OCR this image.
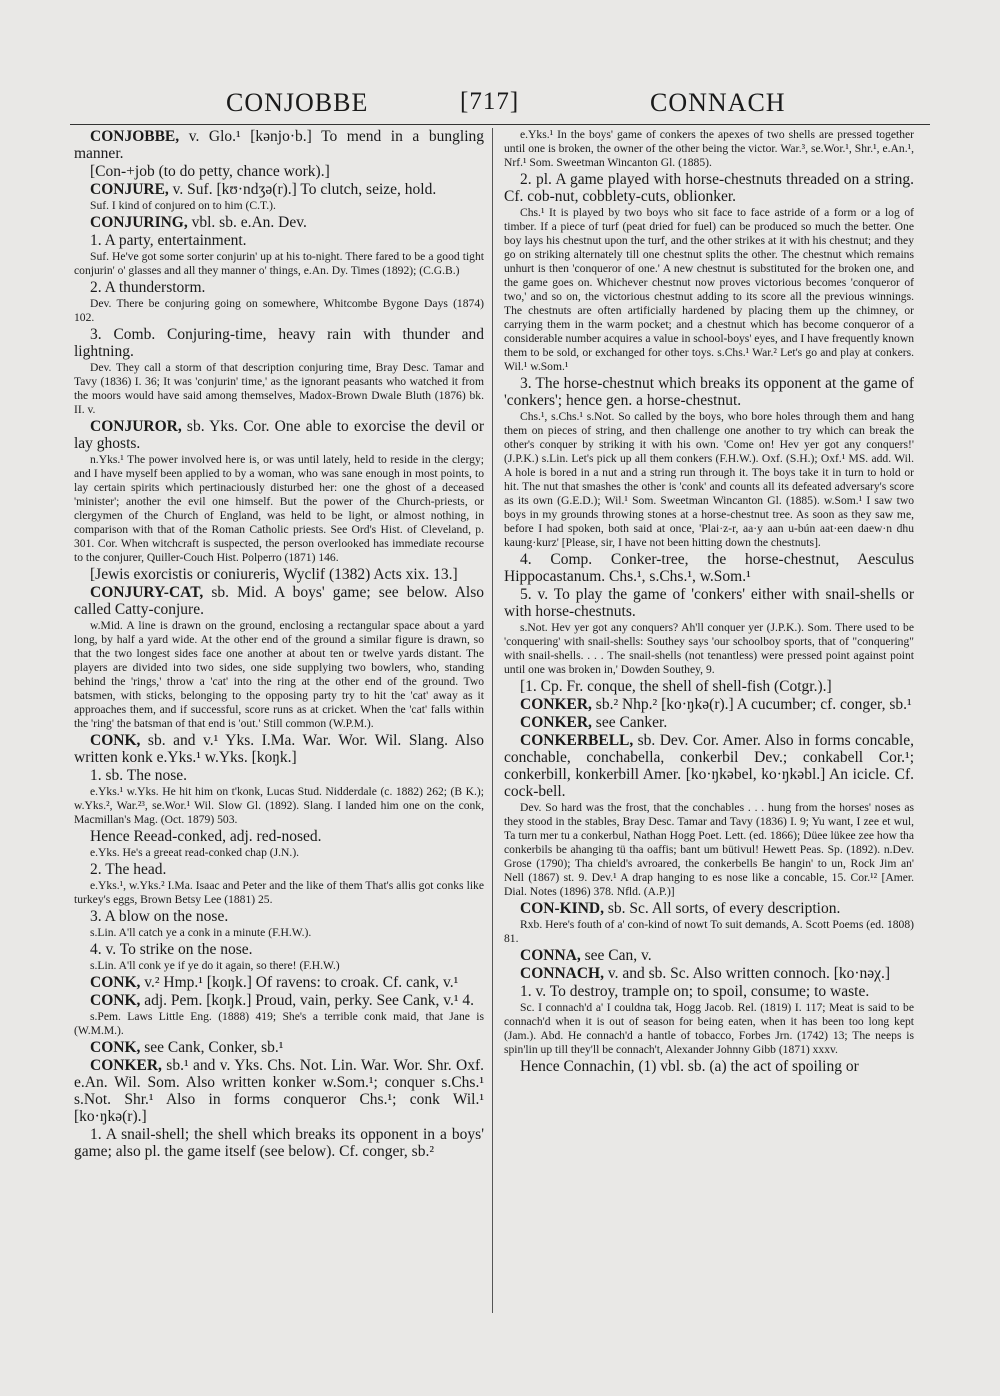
CONJOBBE	[717]	CONNACH

CONJOBBE, v. Glo.¹ [kənjo·b.] To mend in a bungling manner.

[Con-+job (to do petty, chance work).]

CONJURE, v. Suf. [kʊ·ndʒə(r).] To clutch, seize, hold.

Suf. I kind of conjured on to him (C.T.).

CONJURING, vbl. sb. e.An. Dev.

1. A party, entertainment.

Suf. He've got some sorter conjurin' up at his to-night. There fared to be a good tight conjurin' o' glasses and all they manner o' things, e.An. Dy. Times (1892); (C.G.B.)

2. A thunderstorm.

Dev. There be conjuring going on somewhere, Whitcombe Bygone Days (1874) 102.

3. Comb. Conjuring-time, heavy rain with thunder and lightning.

Dev. They call a storm of that description conjuring time, Bray Desc. Tamar and Tavy (1836) I. 36; It was 'conjurin' time,' as the ignorant peasants who watched it from the moors would have said among themselves, Madox-Brown Dwale Bluth (1876) bk. II. v.

CONJUROR, sb. Yks. Cor. One able to exorcise the devil or lay ghosts.

n.Yks.¹ The power involved here is, or was until lately, held to reside in the clergy; and I have myself been applied to by a woman, who was sane enough in most points, to lay certain spirits which pertinaciously disturbed her: one the ghost of a deceased 'minister'; another the evil one himself. But the power of the Church-priests, or clergymen of the Church of England, was held to be light, or almost nothing, in comparison with that of the Roman Catholic priests. See Ord's Hist. of Cleveland, p. 301. Cor. When witchcraft is suspected, the person overlooked has immediate recourse to the conjurer, Quiller-Couch Hist. Polperro (1871) 146.

[Jewis exorcistis or coniureris, Wyclif (1382) Acts xix. 13.]

CONJURY-CAT, sb. Mid. A boys' game; see below. Also called Catty-conjure.

w.Mid. A line is drawn on the ground, enclosing a rectangular space about a yard long, by half a yard wide. At the other end of the ground a similar figure is drawn, so that the two longest sides face one another at about ten or twelve yards distant. The players are divided into two sides, one side supplying two bowlers, who, standing behind the 'rings,' throw a 'cat' into the ring at the other end of the ground. Two batsmen, with sticks, belonging to the opposing party try to hit the 'cat' away as it approaches them, and if successful, score runs as at cricket. When the 'cat' falls within the 'ring' the batsman of that end is 'out.' Still common (W.P.M.).

CONK, sb. and v.¹ Yks. I.Ma. War. Wor. Wil. Slang. Also written konk e.Yks.¹ w.Yks. [koŋk.]

1. sb. The nose.

e.Yks.¹ w.Yks. He hit him on t'konk, Lucas Stud. Nidderdale (c. 1882) 262; (B K.); w.Yks.², War.²³, se.Wor.¹ Wil. Slow Gl. (1892). Slang. I landed him one on the conk, Macmillan's Mag. (Oct. 1879) 503.

Hence Reead-conked, adj. red-nosed.

e.Yks. He's a greeat read-conked chap (J.N.).

2. The head.

e.Yks.¹, w.Yks.² I.Ma. Isaac and Peter and the like of them That's allis got conks like turkey's eggs, Brown Betsy Lee (1881) 25.

3. A blow on the nose.

s.Lin. A'll catch ye a conk in a minute (F.H.W.).

4. v. To strike on the nose.

s.Lin. A'll conk ye if ye do it again, so there! (F.H.W.)

CONK, v.² Hmp.¹ [koŋk.] Of ravens: to croak. Cf. cank, v.¹

CONK, adj. Pem. [koŋk.] Proud, vain, perky. See Cank, v.¹ 4.

s.Pem. Laws Little Eng. (1888) 419; She's a terrible conk maid, that Jane is (W.M.M.).

CONK, see Cank, Conker, sb.¹

CONKER, sb.¹ and v. Yks. Chs. Not. Lin. War. Wor. Shr. Oxf. e.An. Wil. Som. Also written konker w.Som.¹; conquer s.Chs.¹ s.Not. Shr.¹ Also in forms conqueror Chs.¹; conk Wil.¹ [ko·ŋkə(r).]

1. A snail-shell; the shell which breaks its opponent in a boys' game; also pl. the game itself (see below). Cf. conger, sb.²

e.Yks.¹ In the boys' game of conkers the apexes of two shells are pressed together until one is broken, the owner of the other being the victor. War.³, se.Wor.¹, Shr.¹, e.An.¹, Nrf.¹ Som. Sweetman Wincanton Gl. (1885).

2. pl. A game played with horse-chestnuts threaded on a string. Cf. cob-nut, cobblety-cuts, oblionker.

Chs.¹ It is played by two boys who sit face to face astride of a form or a log of timber. If a piece of turf (peat dried for fuel) can be produced so much the better. One boy lays his chestnut upon the turf, and the other strikes at it with his chestnut; and they go on striking alternately till one chestnut splits the other. The chestnut which remains unhurt is then 'conqueror of one.' A new chestnut is substituted for the broken one, and the game goes on. Whichever chestnut now proves victorious becomes 'conqueror of two,' and so on, the victorious chestnut adding to its score all the previous winnings. The chestnuts are often artificially hardened by placing them up the chimney, or carrying them in the warm pocket; and a chestnut which has become conqueror of a considerable number acquires a value in school-boys' eyes, and I have frequently known them to be sold, or exchanged for other toys. s.Chs.¹ War.² Let's go and play at conkers. Wil.¹ w.Som.¹

3. The horse-chestnut which breaks its opponent at the game of 'conkers'; hence gen. a horse-chestnut.

Chs.¹, s.Chs.¹ s.Not. So called by the boys, who bore holes through them and hang them on pieces of string, and then challenge one another to try which can break the other's conquer by striking it with his own. 'Come on! Hev yer got any conquers!' (J.P.K.) s.Lin. Let's pick up all them conkers (F.H.W.). Oxf. (S.H.); Oxf.¹ MS. add. Wil. A hole is bored in a nut and a string run through it. The boys take it in turn to hold or hit. The nut that smashes the other is 'conk' and counts all its defeated adversary's score as its own (G.E.D.); Wil.¹ Som. Sweetman Wincanton Gl. (1885). w.Som.¹ I saw two boys in my grounds throwing stones at a horse-chestnut tree. As soon as they saw me, before I had spoken, both said at once, 'Plai·z-r, aa·y aan u-bún aat·een daew·n dhu kaung·kurz' [Please, sir, I have not been hitting down the chestnuts].

4. Comp. Conker-tree, the horse-chestnut, Aesculus Hippocastanum. Chs.¹, s.Chs.¹, w.Som.¹

5. v. To play the game of 'conkers' either with snail-shells or with horse-chestnuts.

s.Not. Hev yer got any conquers? Ah'll conquer yer (J.P.K.). Som. There used to be 'conquering' with snail-shells: Southey says 'our schoolboy sports, that of "conquering" with snail-shells. . . . The snail-shells (not tenantless) were pressed point against point until one was broken in,' Dowden Southey, 9.

[1. Cp. Fr. conque, the shell of shell-fish (Cotgr.).]

CONKER, sb.² Nhp.² [ko·ŋkə(r).] A cucumber; cf. conger, sb.¹

CONKER, see Canker.

CONKERBELL, sb. Dev. Cor. Amer. Also in forms concable, conchable, conchabella, conkerbil Dev.; conkabell Cor.¹; conkerbill, konkerbill Amer. [ko·ŋkəbel, ko·ŋkəbl.] An icicle. Cf. cock-bell.

Dev. So hard was the frost, that the conchables . . . hung from the horses' noses as they stood in the stables, Bray Desc. Tamar and Tavy (1836) I. 9; Yu want, I zee et wul, Ta turn mer tu a conkerbul, Nathan Hogg Poet. Lett. (ed. 1866); Düee lükee zee how tha conkerbils be ahanging tü tha oaffis; bant um bütivul! Hewett Peas. Sp. (1892). n.Dev. Grose (1790); Tha chield's avroared, the conkerbells Be hangin' to un, Rock Jim an' Nell (1867) st. 9. Dev.¹ A drap hanging to es nose like a concable, 15. Cor.¹² [Amer. Dial. Notes (1896) 378. Nfld. (A.P.)]

CON-KIND, sb. Sc. All sorts, of every description.

Rxb. Here's fouth of a' con-kind of nowt To suit demands, A. Scott Poems (ed. 1808) 81.

CONNA, see Can, v.

CONNACH, v. and sb. Sc. Also written connoch. [ko·nəχ.]

1. v. To destroy, trample on; to spoil, consume; to waste.

Sc. I connach'd a' I couldna tak, Hogg Jacob. Rel. (1819) I. 117; Meat is said to be connach'd when it is out of season for being eaten, when it has been too long kept (Jam.). Abd. He connach'd a hantle of tobacco, Forbes Jrn. (1742) 13; The neeps is spin'lin up till they'll be connach't, Alexander Johnny Gibb (1871) xxxv.

Hence Connachin, (1) vbl. sb. (a) the act of spoiling or
